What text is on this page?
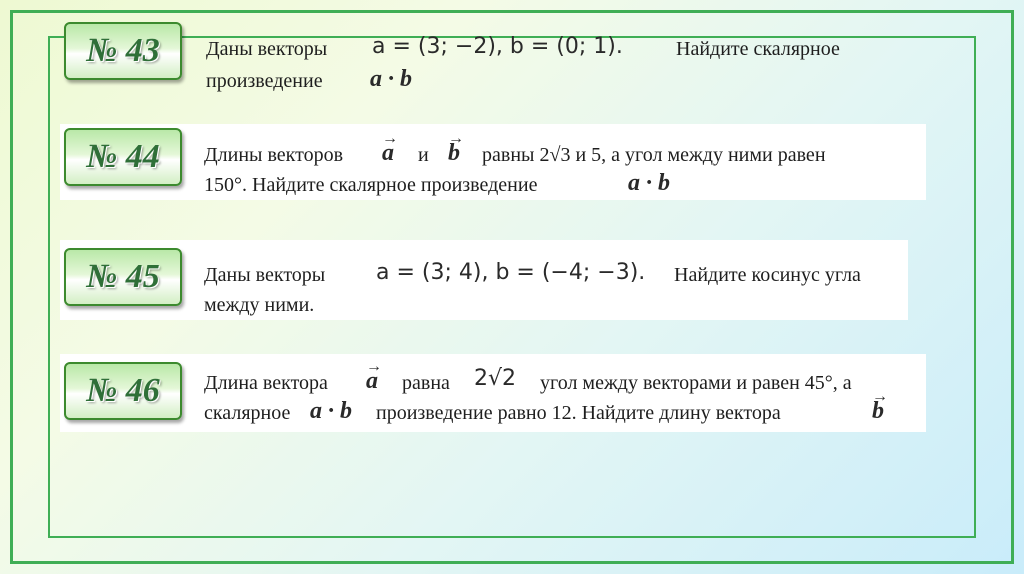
№ 43 Даны векторы a = (3; −2), b = (0; 1).	Найдите скалярное
произведение a · b
№ 44 Длины векторов → a и → b равны 2√3 и 5, а угол между ними равен
150°. Найдите скалярное произведение	a · b
№ 45 Даны векторы a = (3; 4), b = (−4; −3). Найдите косинус угла
между ними.
№ 46 Длина вектора → a равна 2√2 угол между векторами и равен 45°, а
скалярное a · b произведение равно 12. Найдите длину вектора	→ b
